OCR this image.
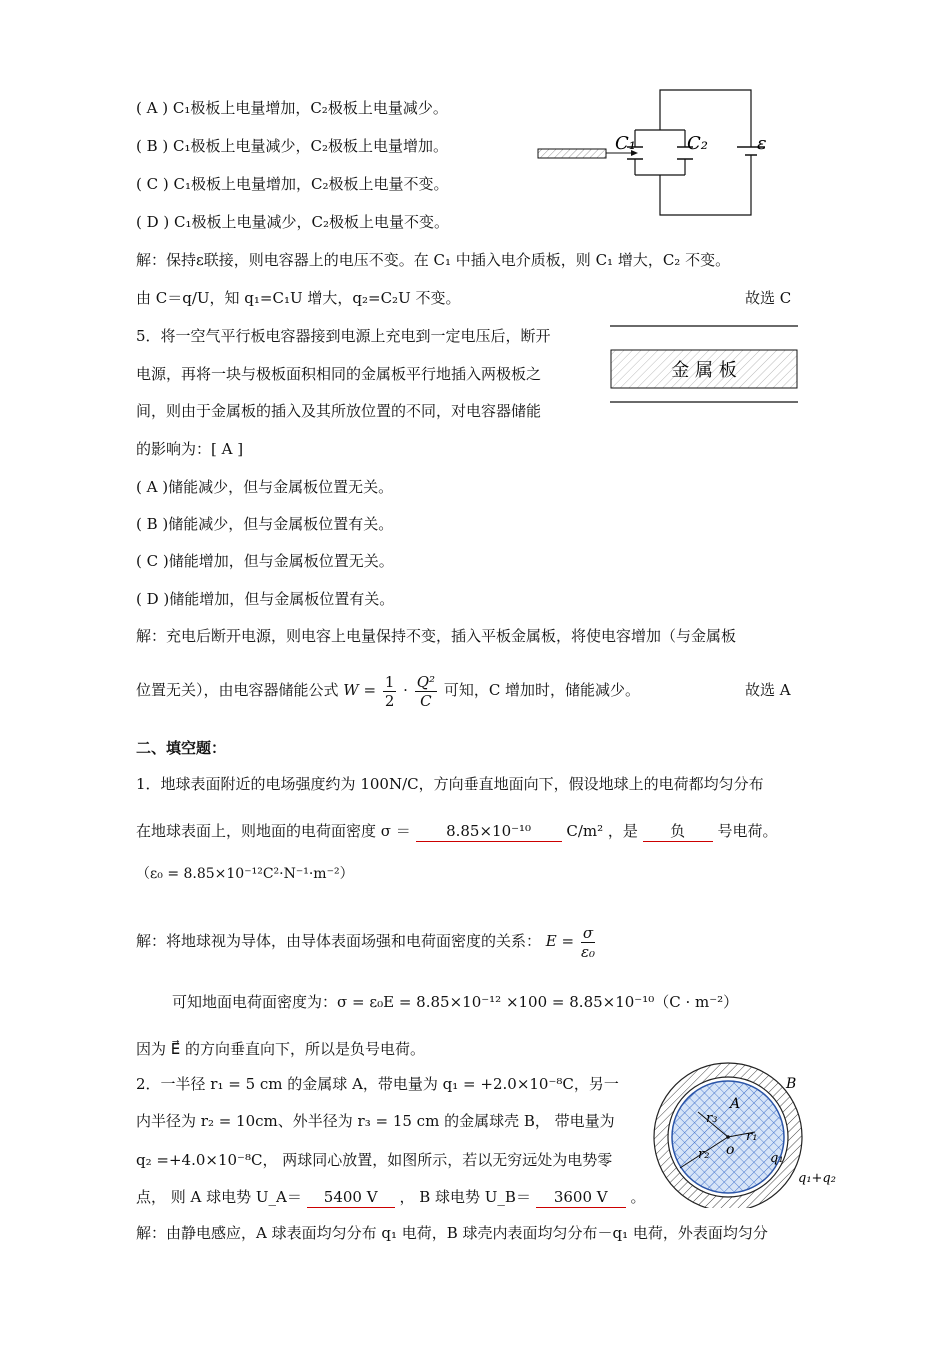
( A ) C₁极板上电量增加，C₂极板上电量减少。
( B ) C₁极板上电量减少，C₂极板上电量增加。
( C ) C₁极板上电量增加，C₂极板上电量不变。
( D ) C₁极板上电量减少，C₂极板上电量不变。
C₁	C₂	ε
解：保持ε联接，则电容器上的电压不变。在 C₁ 中插入电介质板，则 C₁ 增大，C₂ 不变。
由 C＝q/U，知 q₁=C₁U 增大，q₂=C₂U 不变。	故选 C
5．将一空气平行板电容器接到电源上充电到一定电压后，断开
电源，再将一块与极板面积相同的金属板平行地插入两极板之
间，则由于金属板的插入及其所放位置的不同，对电容器储能
的影响为：[ A ]
金 属 板
( A )储能减少，但与金属板位置无关。
( B )储能减少，但与金属板位置有关。
( C )储能增加，但与金属板位置无关。
( D )储能增加，但与金属板位置有关。
解：充电后断开电源，则电容上电量保持不变，插入平板金属板，将使电容增加（与金属板
位置无关），由电容器储能公式 $W = \frac{1}{2} \cdot \frac{\text{Q²}}{C}$ 可知，C 增加时，储能减少。	故选 A
二、填空题：
1．地球表面附近的电场强度约为 100N/C，方向垂直地面向下，假设地球上的电荷都均匀分布
在地球表面上，则地面的电荷面密度 σ ＝ 8.85×10⁻¹⁰ C/m² ，是 负 号电荷。
（ε₀ = 8.85×10⁻¹²C²·N⁻¹·m⁻²）
解：将地球视为导体，由导体表面场强和电荷面密度的关系： $E = \frac{\sigma}{\text{ε₀}}$
可知地面电荷面密度为：σ = ε₀E = 8.85×10⁻¹² ×100 = 8.85×10⁻¹⁰（C · m⁻²）
因为 E⃗ 的方向垂直向下，所以是负号电荷。
2．一半径 r₁ = 5 cm 的金属球 A，带电量为 q₁ = +2.0×10⁻⁸C，另一
内半径为 r₂ = 10cm、外半径为 r₃ = 15 cm 的金属球壳 B， 带电量为
q₂ =+4.0×10⁻⁸C， 两球同心放置，如图所示，若以无穷远处为电势零
点， 则 A 球电势 U_A＝ 5400 V ， B 球电势 U_B＝ 3600 V 。
解：由静电感应，A 球表面均匀分布 q₁ 电荷，B 球壳内表面均匀分布－q₁ 电荷，外表面均匀分
B
A
r₃
r₁
r₂ o
q₁
q₁+q₂
